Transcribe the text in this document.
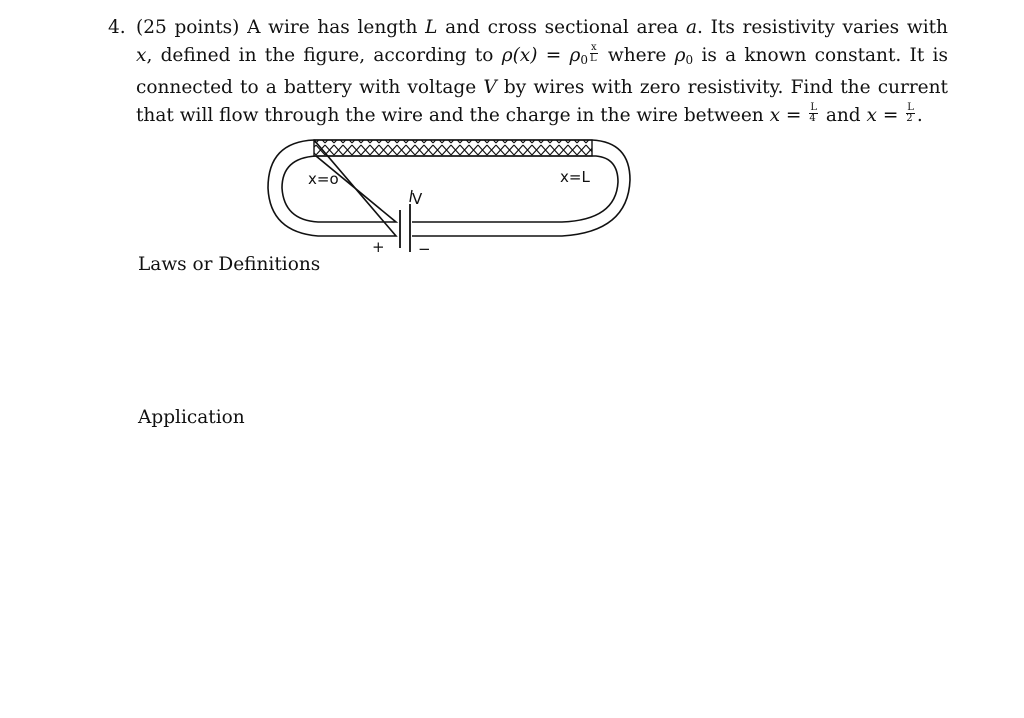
4. (25 points) A wire has length L and cross sectional area a. Its resistivity varies with
x, defined in the figure, according to $\rho(x) = \rho_0 \frac{x}{L}$ where $\rho_0$ is a known constant. It is
connected to a battery with voltage V by wires with zero resistivity. Find the current
that will flow through the wire and the charge in the wire between $x = \frac{L}{4}$ and $x = \frac{L}{2}$ .
x=o	x=L
V
+ −
Laws or Definitions
Application
